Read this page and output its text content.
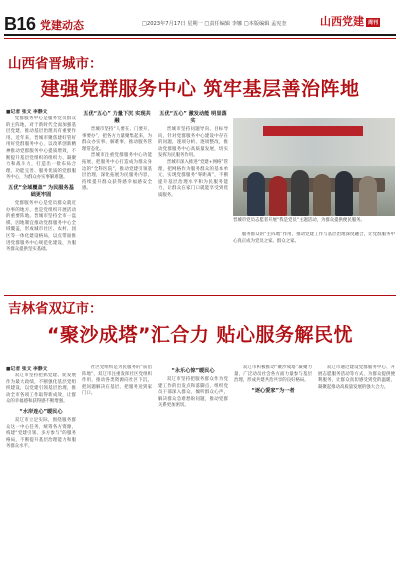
B16 党建动态	□2023年7月17日 星期一 □责任编辑 李娜 □本版编辑 孟宪奎	山西党建 周刊
山西省晋城市：
建强党群服务中心 筑牢基层善治阵地
■记者 张文 李静文

党群服务中心是服务党员群众的主阵地，对于新时代全面加强基层党建、推动基层治理具有重要作用。近年来，晋城市聚焦建好管好用好党群服务中心，以改革创新精神推动党群服务中心提质增效，不断提升基层党组织的组织力、凝聚力和战斗力，打造出一批布局合理、功能完善、服务优质的党群服务中心，为群众办实事解难题。

五优“全域覆盖” 为民服务基础更牢固

党群服务中心是党员群众就近办事的地方，也是党组织开展活动的重要阵地。晋城市坚持全市一盘棋，因地制宜推动党群服务中心全域覆盖，形成城市社区、农村、园区等一体化建设格局，以点带面推进党群服务中心规范化建设，为服务群众提供坚实基础。

五优“五心” 力量下沉 实现共融

晋城市坚持“人要在、门要开、事要办”，把各方力量聚集起来，为群众办实事、解难事，推动服务管理常态化。

晋城市注重党群服务中心功能拓展，把服务中心打造成为群众身边的“全科医院”，推动党建引领基层治理，深化拓展为民服务内容，持续提升群众获得感幸福感安全感。

五优“五心” 激发动能 明显落实

晋城市坚持问题导向、目标导向，针对党群服务中心建设中存在的问题，逐项分析、逐项整改，推动党群服务中心高质量发展，切实发挥为民服务作用。

晋城市深入推进“党建+网格”管理，把网格作为服务群众的基本单元，实现党群服务“零距离”，不断提升基层治理水平和为民服务能力，让群众在家门口就能享受到优质服务。

晋城市党员志愿者开展“我是党员”主题活动，为群众提供便民服务。

服务群众的“主阵地”作用，推动党建工作与基层治理深度融合，让党群服务中心真正成为党员之家、群众之家。

吉林省双辽市：
“聚沙成塔”汇合力 贴心服务解民忧
■记者 张文 李静文

双辽市坚持把抓党建、促发展作为最大政绩，不断强化基层党组织建设，以党建引领基层治理，推动全市各项工作取得新成效，让群众的幸福感和获得感不断增强。

“水岸连心”暖民心

双辽市立足实际，围绕服务群众这一中心任务，统筹各方资源，构建“党建引领、多方参与”的服务格局，不断提升基层治理能力和服务群众水平。

社区党组织是为民服务的“前沿阵地”，双辽市注重发挥社区党组织作用，推动各类资源向社区下沉，把问题解决在基层、把服务送到家门口。

“永乐心惊”暖民心

双辽市坚持把服务群众作为党建工作的出发点和落脚点，组织党员干部深入群众，倾听群众心声，解决群众急难愁盼问题，推动党群关系更加密切。

双辽市积极推动“聚沙成塔”凝聚力量，广泛动员社会各方面力量参与基层治理，形成共建共治共享的良好格局。

“逐心爱家”为一者

双辽市通过建设党群服务中心、开展志愿服务活动等方式，为群众提供便利服务，让群众真切感受到党的温暖，凝聚起推动高质量发展的强大合力。
